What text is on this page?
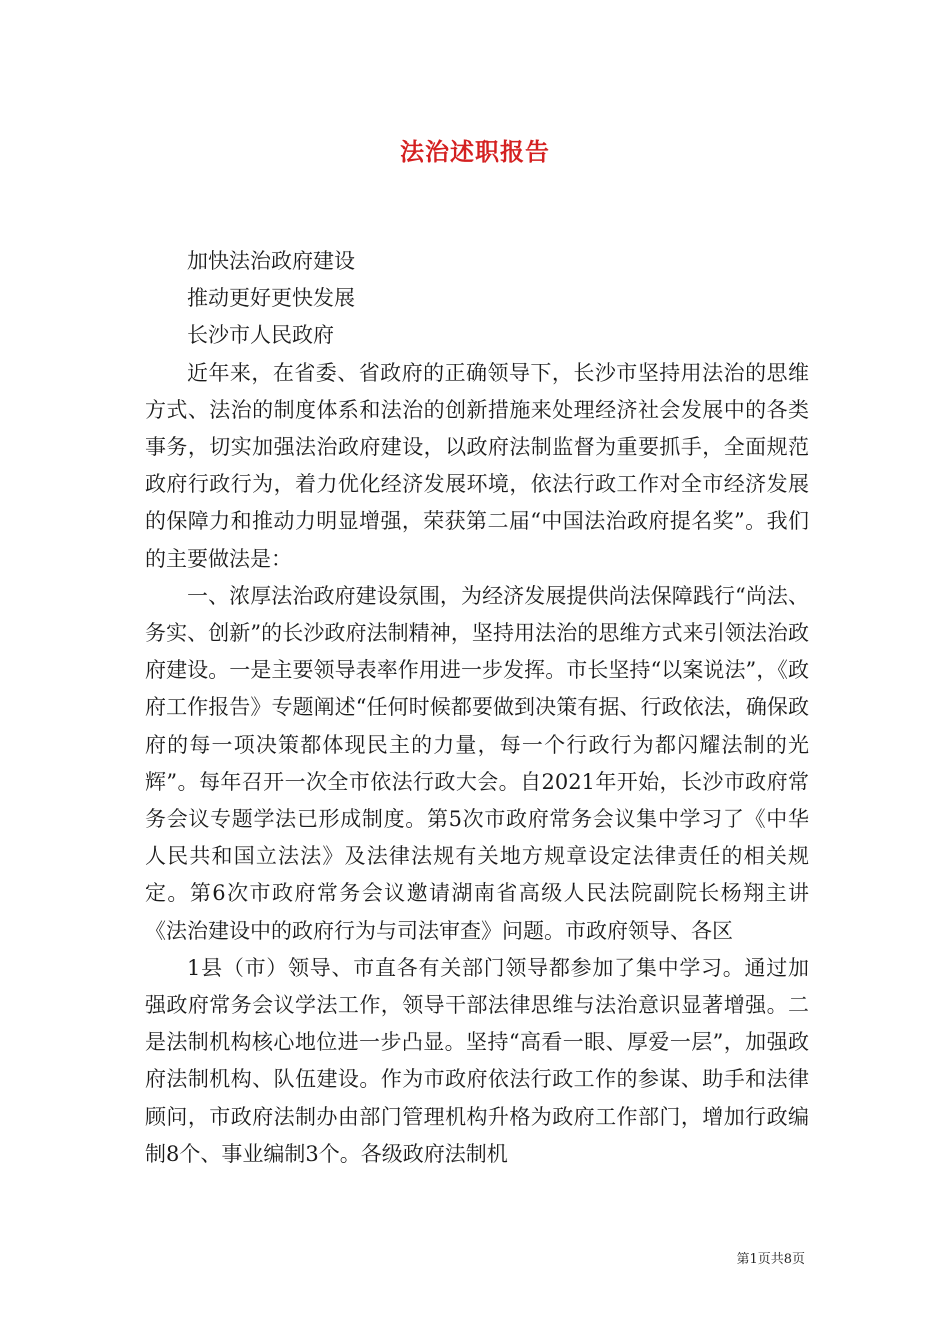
法治述职报告

加快法治政府建设

推动更好更快发展

长沙市人民政府

近年来，在省委、省政府的正确领导下，长沙市坚持用法治的思维方式、法治的制度体系和法治的创新措施来处理经济社会发展中的各类事务，切实加强法治政府建设，以政府法制监督为重要抓手，全面规范政府行政行为，着力优化经济发展环境，依法行政工作对全市经济发展的保障力和推动力明显增强，荣获第二届“中国法治政府提名奖”。我们的主要做法是：

一、浓厚法治政府建设氛围，为经济发展提供尚法保障践行“尚法、务实、创新”的长沙政府法制精神，坚持用法治的思维方式来引领法治政府建设。一是主要领导表率作用进一步发挥。市长坚持“以案说法”，《政府工作报告》专题阐述“任何时候都要做到决策有据、行政依法，确保政府的每一项决策都体现民主的力量，每一个行政行为都闪耀法制的光辉”。每年召开一次全市依法行政大会。自2021年开始，长沙市政府常务会议专题学法已形成制度。第5次市政府常务会议集中学习了《中华人民共和国立法法》及法律法规有关地方规章设定法律责任的相关规定。第6次市政府常务会议邀请湖南省高级人民法院副院长杨翔主讲《法治建设中的政府行为与司法审查》问题。市政府领导、各区

1县（市）领导、市直各有关部门领导都参加了集中学习。通过加强政府常务会议学法工作，领导干部法律思维与法治意识显著增强。二是法制机构核心地位进一步凸显。坚持“高看一眼、厚爱一层”，加强政府法制机构、队伍建设。作为市政府依法行政工作的参谋、助手和法律顾问，市政府法制办由部门管理机构升格为政府工作部门，增加行政编制8个、事业编制3个。各级政府法制机

第1页共8页
